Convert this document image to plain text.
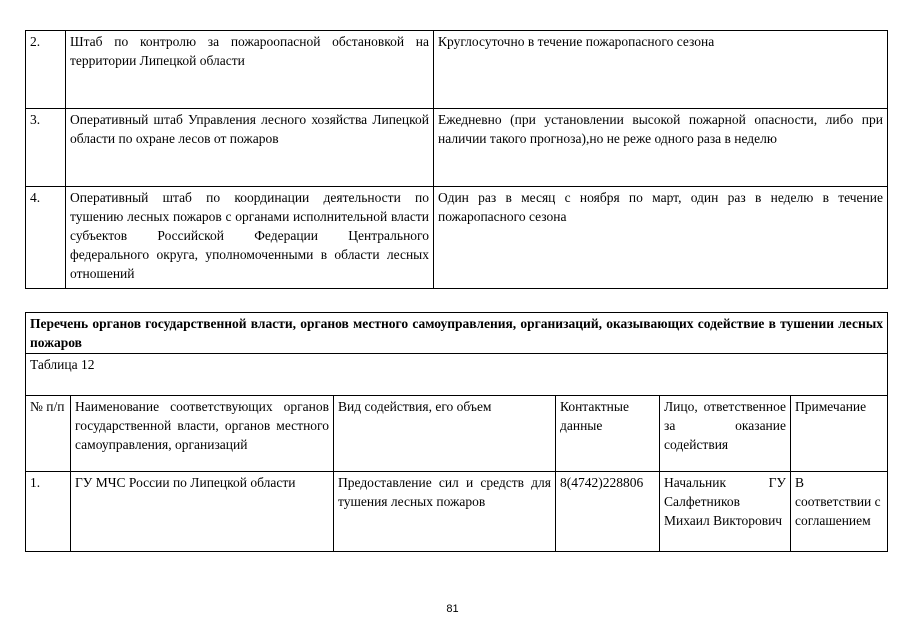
2.	Штаб по контролю за пожароопасной обстановкой на территории Липецкой области	Круглосуточно в течение пожаропасного сезона
3.	Оперативный штаб Управления лесного хозяйства Липецкой области по охране лесов от пожаров	Ежедневно (при установлении высокой пожарной опасности, либо при наличии такого прогноза),но не реже одного раза в неделю
4.	Оперативный штаб по координации деятельности по тушению лесных пожаров с органами исполнительной власти субъектов Российской Федерации Центрального федерального округа, уполномоченными в области лесных отношений	Один раз в месяц с ноября по март, один раз в неделю в течение пожаропасного сезона
Перечень органов государственной власти, органов местного самоуправления, организаций, оказывающих содействие в тушении лесных пожаров					
Таблица 12					
№ п/п	Наименование соответствующих органов государственной власти, органов местного самоуправления, организаций	Вид содействия, его объем	Контактные данные	Лицо, ответственное за оказание содействия	Примечание
1.	ГУ МЧС России по Липецкой области	Предоставление сил и средств для тушения лесных пожаров	8(4742)228806	Начальник ГУ Салфетников Михаил Викторович	В соответствии с соглашением
81
